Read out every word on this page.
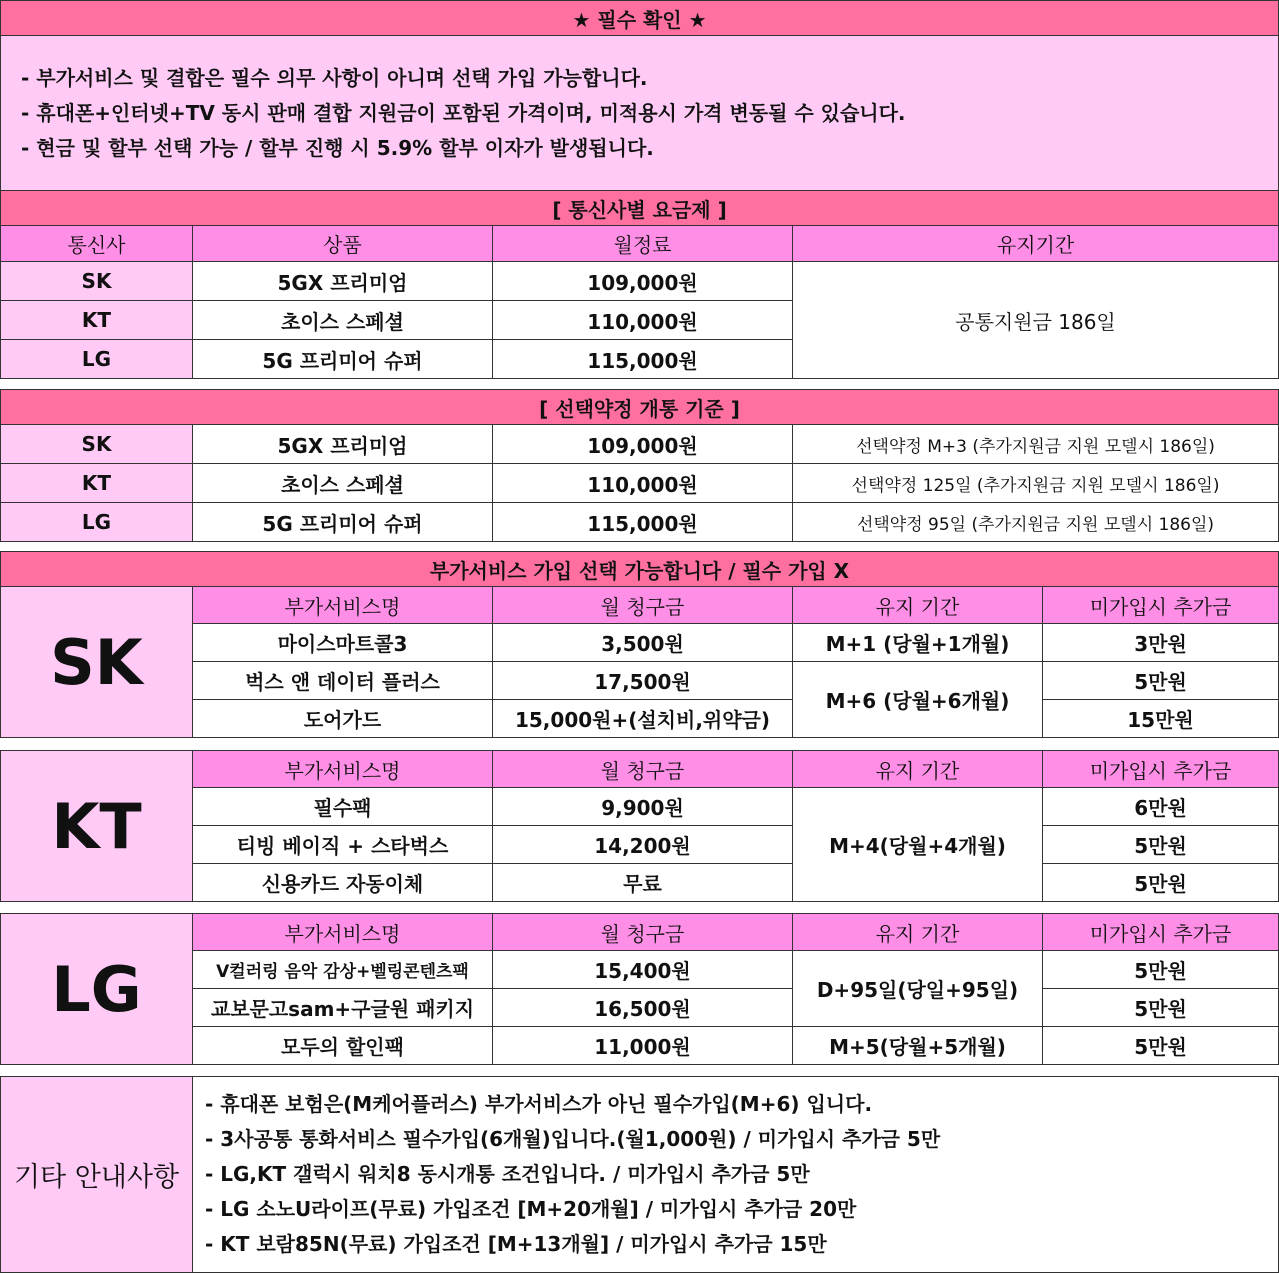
★ 필수 확인 ★

- 부가서비스 및 결합은 필수 의무 사항이 아니며 선택 가입 가능합니다.
- 휴대폰+인터넷+TV 동시 판매 결합 지원금이 포함된 가격이며, 미적용시 가격 변동될 수 있습니다.
- 현금 및 할부 선택 가능 / 할부 진행 시 5.9% 할부 이자가 발생됩니다.
[ 통신사별 요금제 ]			
통신사	상품	월정료	유지기간
SK	5GX 프리미엄	109,000원	공통지원금 186일
KT	초이스 스페셜	110,000원	
LG	5G 프리미어 슈퍼	115,000원	
[ 선택약정 개통 기준 ]			
SK	5GX 프리미엄	109,000원	선택약정 M+3 (추가지원금 지원 모델시 186일)
KT	초이스 스페셜	110,000원	선택약정 125일 (추가지원금 지원 모델시 186일)
LG	5G 프리미어 슈퍼	115,000원	선택약정 95일 (추가지원금 지원 모델시 186일)
부가서비스 가입 선택 가능합니다 / 필수 가입 X
SK	부가서비스명	월 청구금	유지 기간	미가입시 추가금
	마이스마트콜3	3,500원	M+1 (당월+1개월)	3만원
	벅스 앤 데이터 플러스	17,500원	M+6 (당월+6개월)	5만원
	도어가드	15,000원+(설치비,위약금)		15만원
KT	부가서비스명	월 청구금	유지 기간	미가입시 추가금
	필수팩	9,900원	M+4(당월+4개월)	6만원
	티빙 베이직 + 스타벅스	14,200원		5만원
	신용카드 자동이체	무료		5만원
LG	부가서비스명	월 청구금	유지 기간	미가입시 추가금
	V컬러링 음악 감상+벨링콘텐츠팩	15,400원	D+95일(당일+95일)	5만원
	교보문고sam+구글원 패키지	16,500원		5만원
	모두의 할인팩	11,000원	M+5(당월+5개월)	5만원
기타 안내사항	
- 휴대폰 보험은(M케어플러스) 부가서비스가 아닌 필수가입(M+6) 입니다.
- 3사공통 통화서비스 필수가입(6개월)입니다.(월1,000원) / 미가입시 추가금 5만
- LG,KT 갤럭시 워치8 동시개통 조건입니다. / 미가입시 추가금 5만
- LG 소노U라이프(무료) 가입조건 [M+20개월] / 미가입시 추가금 20만
- KT 보람85N(무료) 가입조건 [M+13개월] / 미가입시 추가금 15만
